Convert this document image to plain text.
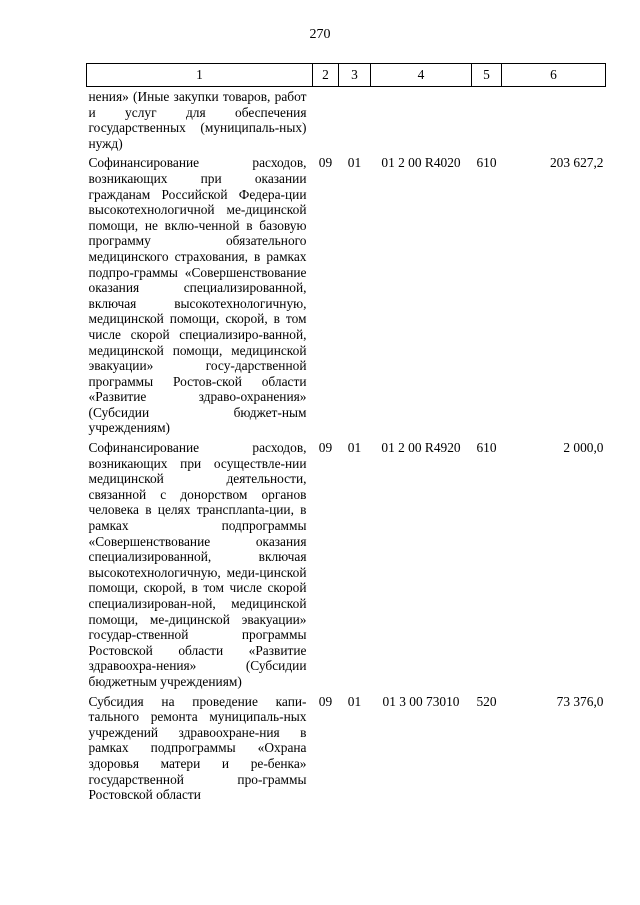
270
1	2	3	4	5	6
нения» (Иные закупки товаров, работ и услуг для обеспечения государственных (муниципаль-ных) нужд)					
Софинансирование расходов, возникающих при оказании гражданам Российской Федера-ции высокотехнологичной ме-дицинской помощи, не вклю-ченной в базовую программу обязательного медицинского страхования, в рамках подпро-граммы «Совершенствование оказания специализированной, включая высокотехнологичную, медицинской помощи, скорой, в том числе скорой специализиро-ванной, медицинской помощи, медицинской эвакуации» госу-дарственной программы Ростов-ской области «Развитие здраво-охранения» (Субсидии бюджет-ным учреждениям)	09	01	01 2 00 R4020	610	203 627,2
Софинансирование расходов, возникающих при осуществле-нии медицинской деятельности, связанной с донорством органов человека в целях трансплanta-ции, в рамках подпрограммы «Совершенствование оказания специализированной, включая высокотехнологичную, меди-цинской помощи, скорой, в том числе скорой специализирован-ной, медицинской помощи, ме-дицинской эвакуации» государ-ственной программы Ростовской области «Развитие здравоохра-нения» (Субсидии бюджетным учреждениям)	09	01	01 2 00 R4920	610	2 000,0
Субсидия на проведение капи-тального ремонта муниципаль-ных учреждений здравоохране-ния в рамках подпрограммы «Охрана здоровья матери и ре-бенка» государственной про-граммы Ростовской области	09	01	01 3 00 73010	520	73 376,0
